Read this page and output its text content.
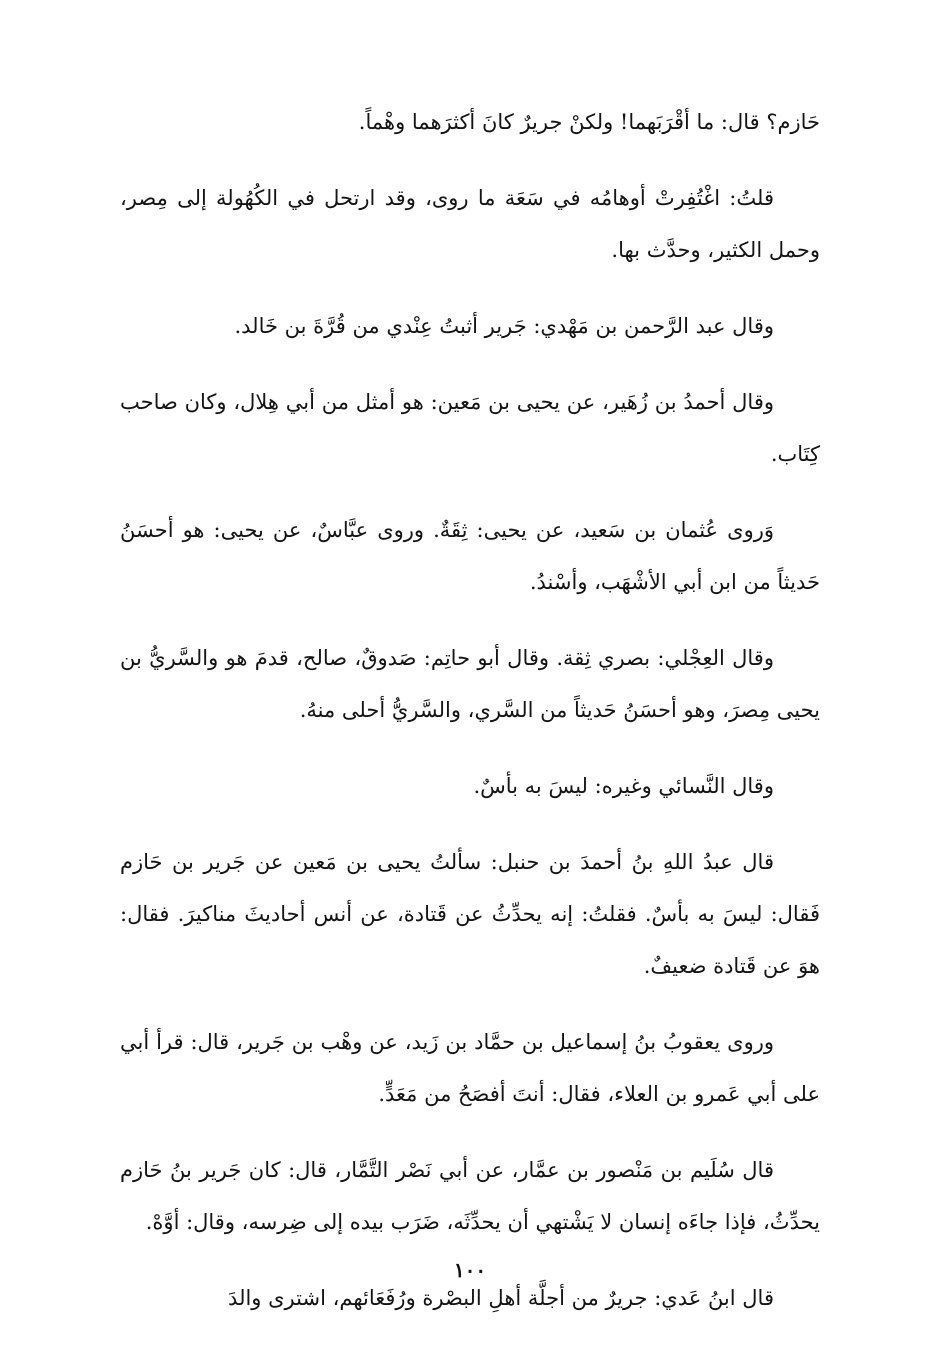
حَازم؟ قال: ما أقْرَبَهما! ولكنْ جريرٌ كانَ أكثرَهما وهْماً.

قلتُ: اغْتُفِرتْ أوهامُه في سَعَة ما روى، وقد ارتحل في الكُهُولة إلى مِصر، وحمل الكثير، وحدَّث بها.

وقال عبد الرَّحمن بن مَهْدي: جَرير أثبتُ عِنْدي من قُرَّةَ بن خَالد.

وقال أحمدُ بن زُهَير، عن يحيى بن مَعين: هو أمثل من أبي هِلال، وكان صاحب كِتَاب.

وَروى عُثمان بن سَعيد، عن يحيى: ثِقَةٌ. وروى عبَّاسٌ، عن يحيى: هو أحسَنُ حَديثاً من ابن أبي الأشْهَب، وأسْندُ.

وقال العِجْلي: بصري ثِقة. وقال أبو حاتِم: صَدوقٌ، صالح، قدمَ هو والسَّريُّ بن يحيى مِصرَ، وهو أحسَنُ حَديثاً من السَّري، والسَّريُّ أحلى منهُ.

وقال النَّسائي وغيره: ليسَ به بأسٌ.

قال عبدُ اللهِ بنُ أحمدَ بن حنبل: سألتُ يحيى بن مَعين عن جَرير بن حَازم فَقال: ليسَ به بأسٌ. فقلتُ: إنه يحدِّثُ عن قَتادة، عن أنس أحاديثَ مناكيرَ. فقال: هوَ عن قَتادة ضعيفٌ.

وروى يعقوبُ بنُ إسماعيل بن حمَّاد بن زَيد، عن وهْب بن جَرير، قال: قرأ أبي على أبي عَمرو بن العلاء، فقال: أنتَ أفصَحُ من مَعَدٍّ.

قال سُلَيم بن مَنْصور بن عمَّار، عن أبي نَصْر التَّمَّار، قال: كان جَرير بنُ حَازم يحدِّثُ، فإذا جاءَه إنسان لا يَشْتهي أن يحدِّثَه، ضَرَب بيده إلى ضِرسه، وقال: أوَّهْ.

قال ابنُ عَدي: جريرٌ من أجلَّة أهلِ البصْرة ورُفَعَائهم، اشترى والدَ

١٠٠
